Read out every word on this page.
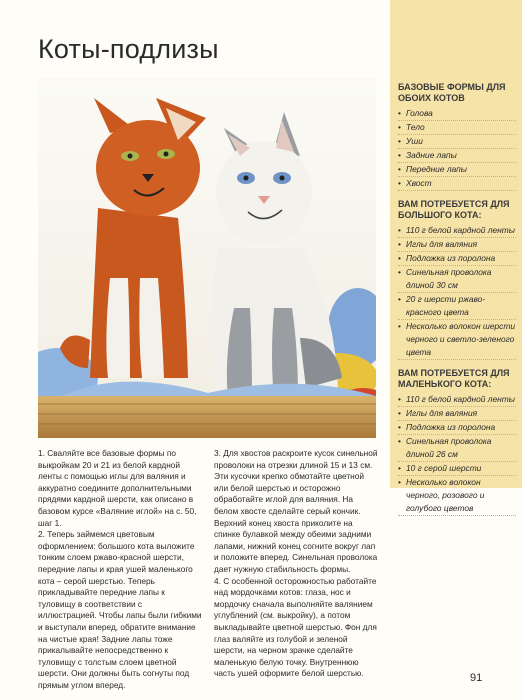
Коты-подлизы
БАЗОВЫЕ ФОРМЫ ДЛЯ ОБОИХ КОТОВ
• Голова
• Тело
• Уши
• Задние лапы
• Передние лапы
• Хвост
ВАМ ПОТРЕБУЕТСЯ ДЛЯ БОЛЬШОГО КОТА:
• 110 г белой кардной ленты
• Иглы для валяния
• Подложка из поролона
• Синельная проволока длиной 30 см
• 20 г шерсти ржаво-красного цвета
• Несколько волокон шерсти черного и светло-зеленого цвета
ВАМ ПОТРЕБУЕТСЯ ДЛЯ МАЛЕНЬКОГО КОТА:
• 110 г белой кардной ленты
• Иглы для валяния
• Подложка из поролона
• Синельная проволока длиной 26 см
• 10 г серой шерсти
• Несколько волокон черного, розового и голубого цветов

1. Сваляйте все базовые формы по выкройкам 20 и 21 из белой кардной ленты с помощью иглы для валяния и аккуратно соедините дополнительными прядями кардной шерсти, как описано в базовом курсе «Валяние иглой» на с. 50, шаг 1.
2. Теперь займемся цветовым оформлением: большого кота выложите тонким слоем ржаво-красной шерсти, передние лапы и края ушей маленького кота – серой шерстью. Теперь прикладывайте передние лапы к туловищу в соответствии с иллюстрацией. Чтобы лапы были гибкими и выступали вперед, обратите внимание на чистые края! Задние лапы тоже прикалывайте непосредственно к туловищу с толстым слоем цветной шерсти. Они должны быть согнуты под прямым углом вперед.

3. Для хвостов раскроите кусок синельной проволоки на отрезки длиной 15 и 13 см. Эти кусочки крепко обмотайте цветной или белой шерстью и осторожно обработайте иглой для валяния. На белом хвосте сделайте серый кончик. Верхний конец хвоста приколите на спинке булавкой между обеими задними лапами, нижний конец согните вокруг лап и положите вперед. Синельная проволока дает нужную стабильность формы.
4. С особенной осторожностью работайте над мордочками котов: глаза, нос и мордочку сначала выполняйте валянием углублений (см. выкройку), а потом выкладывайте цветной шерстью. Фон для глаз валяйте из голубой и зеленой шерсти, на черном зрачке сделайте маленькую белую точку. Внутреннюю часть ушей оформите белой шерстью.	91
